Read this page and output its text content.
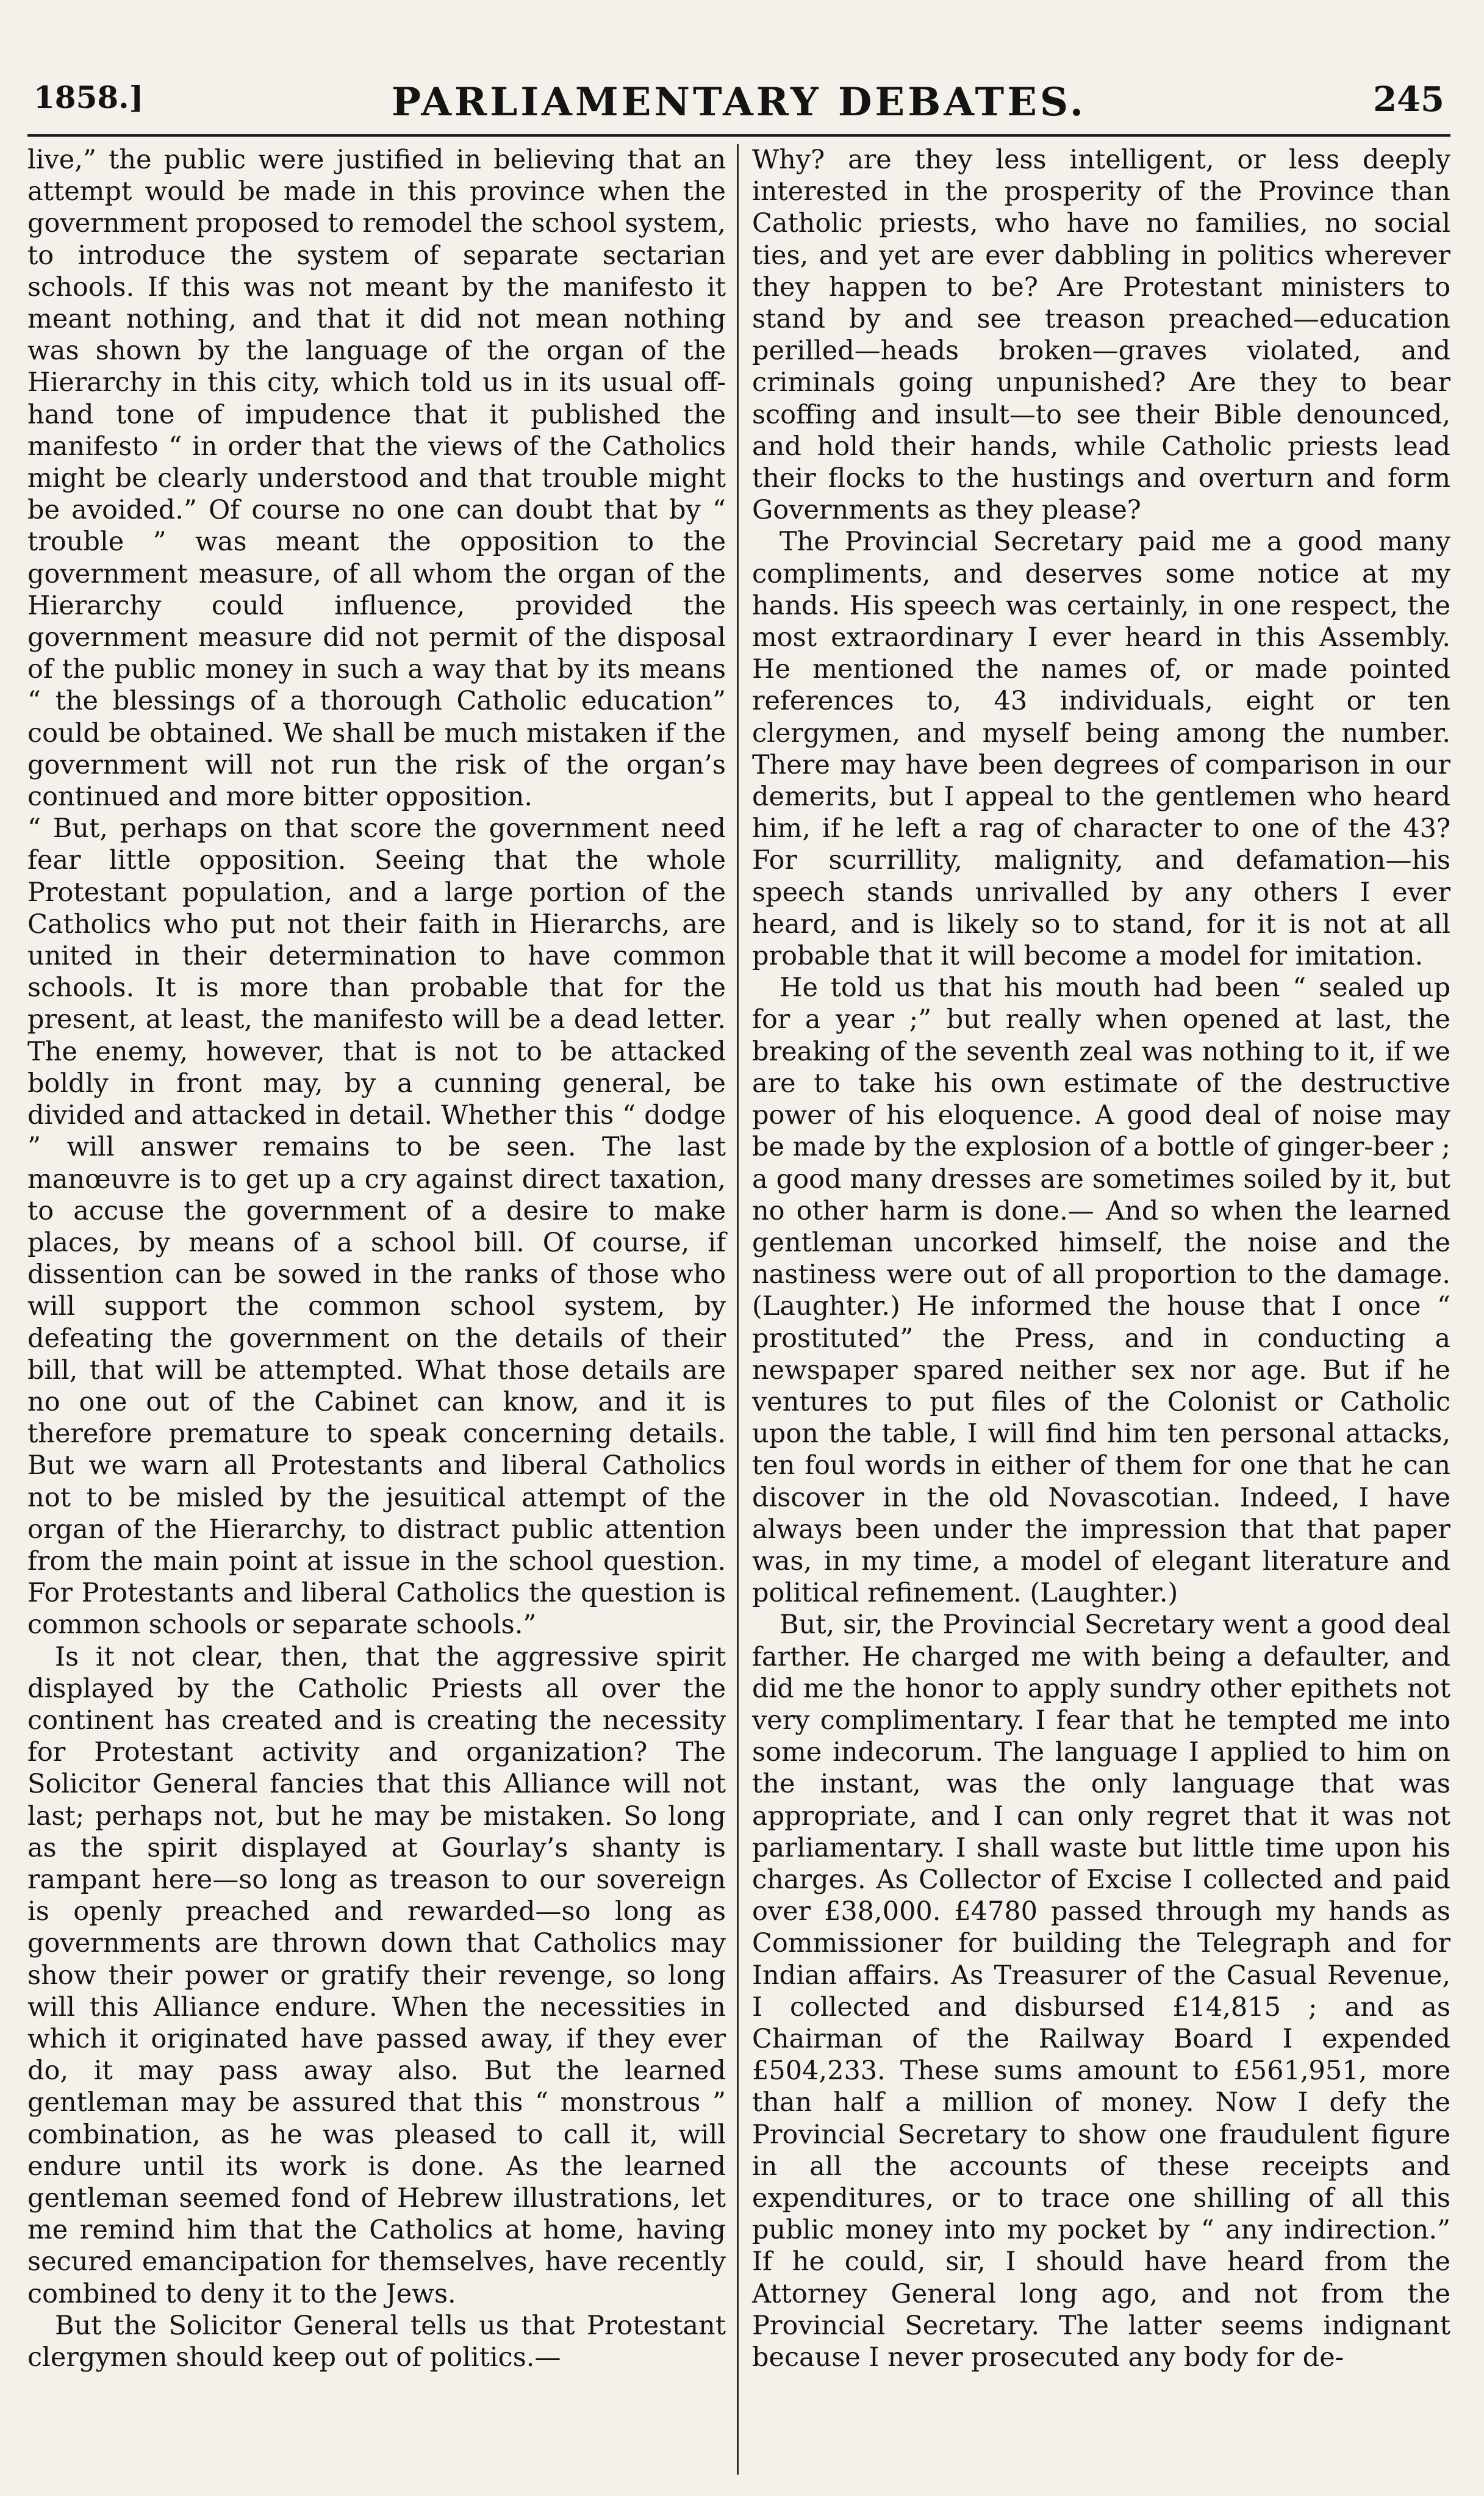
1858.]	PARLIAMENTARY DEBATES.	245

live,” the public were justified in believing that an attempt would be made in this province when the government proposed to remodel the school system, to introduce the system of separate sectarian schools. If this was not meant by the manifesto it meant nothing, and that it did not mean nothing was shown by the language of the organ of the Hierarchy in this city, which told us in its usual off-hand tone of impudence that it published the manifesto “ in order that the views of the Catholics might be clearly understood and that trouble might be avoided.” Of course no one can doubt that by “ trouble ” was meant the opposition to the government measure, of all whom the organ of the Hierarchy could influence, provided the government measure did not permit of the disposal of the public money in such a way that by its means “ the blessings of a thorough Catholic education” could be obtained. We shall be much mistaken if the government will not run the risk of the organ’s continued and more bitter opposition.

“ But, perhaps on that score the government need fear little opposition. Seeing that the whole Protestant population, and a large portion of the Catholics who put not their faith in Hierarchs, are united in their determination to have common schools. It is more than probable that for the present, at least, the manifesto will be a dead letter. The enemy, however, that is not to be attacked boldly in front may, by a cunning general, be divided and attacked in detail. Whether this “ dodge ” will answer remains to be seen. The last manœuvre is to get up a cry against direct taxation, to accuse the government of a desire to make places, by means of a school bill. Of course, if dissention can be sowed in the ranks of those who will support the common school system, by defeating the government on the details of their bill, that will be attempted. What those details are no one out of the Cabinet can know, and it is therefore premature to speak concerning details. But we warn all Protestants and liberal Catholics not to be misled by the jesuitical attempt of the organ of the Hierarchy, to distract public attention from the main point at issue in the school question. For Protestants and liberal Catholics the question is common schools or separate schools.”

Is it not clear, then, that the aggressive spirit displayed by the Catholic Priests all over the continent has created and is creating the necessity for Protestant activity and organization? The Solicitor General fancies that this Alliance will not last; perhaps not, but he may be mistaken. So long as the spirit displayed at Gourlay’s shanty is rampant here—so long as treason to our sovereign is openly preached and rewarded—so long as governments are thrown down that Catholics may show their power or gratify their revenge, so long will this Alliance endure. When the necessities in which it originated have passed away, if they ever do, it may pass away also. But the learned gentleman may be assured that this “ monstrous ” combination, as he was pleased to call it, will endure until its work is done. As the learned gentleman seemed fond of Hebrew illustrations, let me remind him that the Catholics at home, having secured emancipation for themselves, have recently combined to deny it to the Jews.

But the Solicitor General tells us that Protestant clergymen should keep out of politics.—

Why? are they less intelligent, or less deeply interested in the prosperity of the Province than Catholic priests, who have no families, no social ties, and yet are ever dabbling in politics wherever they happen to be? Are Protestant ministers to stand by and see treason preached—education perilled—heads broken—graves violated, and criminals going unpunished? Are they to bear scoffing and insult—to see their Bible denounced, and hold their hands, while Catholic priests lead their flocks to the hustings and overturn and form Governments as they please?

The Provincial Secretary paid me a good many compliments, and deserves some notice at my hands. His speech was certainly, in one respect, the most extraordinary I ever heard in this Assembly. He mentioned the names of, or made pointed references to, 43 individuals, eight or ten clergymen, and myself being among the number. There may have been degrees of comparison in our demerits, but I appeal to the gentlemen who heard him, if he left a rag of character to one of the 43? For scurrillity, malignity, and defamation—his speech stands unrivalled by any others I ever heard, and is likely so to stand, for it is not at all probable that it will become a model for imitation.

He told us that his mouth had been “ sealed up for a year ;” but really when opened at last, the breaking of the seventh zeal was nothing to it, if we are to take his own estimate of the destructive power of his eloquence. A good deal of noise may be made by the explosion of a bottle of ginger-beer ; a good many dresses are sometimes soiled by it, but no other harm is done.— And so when the learned gentleman uncorked himself, the noise and the nastiness were out of all proportion to the damage. (Laughter.) He informed the house that I once “ prostituted” the Press, and in conducting a newspaper spared neither sex nor age. But if he ventures to put files of the Colonist or Catholic upon the table, I will find him ten personal attacks, ten foul words in either of them for one that he can discover in the old Novascotian. Indeed, I have always been under the impression that that paper was, in my time, a model of elegant literature and political refinement. (Laughter.)

But, sir, the Provincial Secretary went a good deal farther. He charged me with being a defaulter, and did me the honor to apply sundry other epithets not very complimentary. I fear that he tempted me into some indecorum. The language I applied to him on the instant, was the only language that was appropriate, and I can only regret that it was not parliamentary. I shall waste but little time upon his charges. As Collector of Excise I collected and paid over £38,000. £4780 passed through my hands as Commissioner for building the Telegraph and for Indian affairs. As Treasurer of the Casual Revenue, I collected and disbursed £14,815 ; and as Chairman of the Railway Board I expended £504,233. These sums amount to £561,951, more than half a million of money. Now I defy the Provincial Secretary to show one fraudulent figure in all the accounts of these receipts and expenditures, or to trace one shilling of all this public money into my pocket by “ any indirection.” If he could, sir, I should have heard from the Attorney General long ago, and not from the Provincial Secretary. The latter seems indignant because I never prosecuted any body for de-
